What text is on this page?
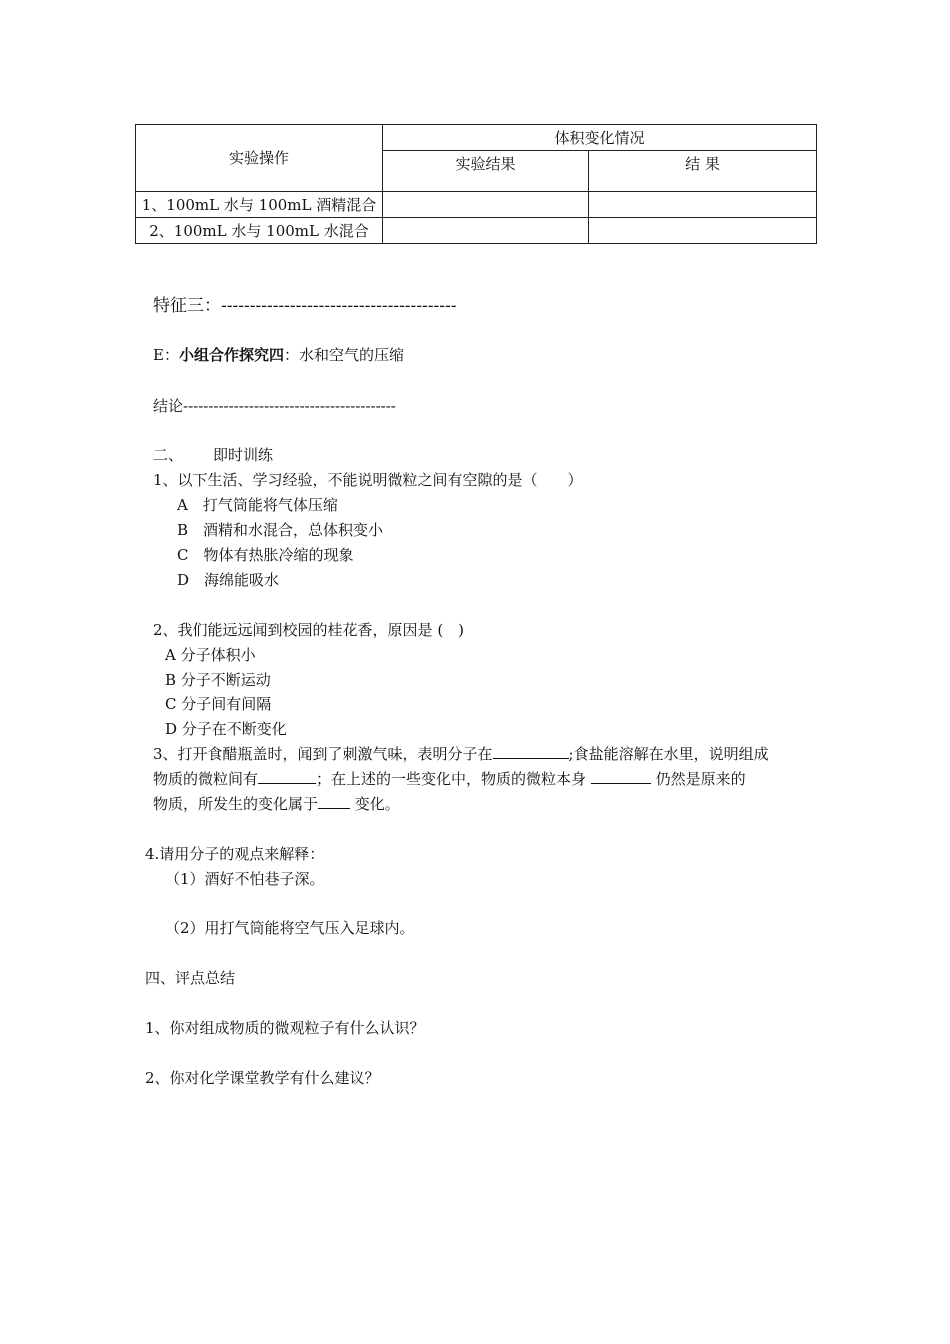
实验操作	体积变化情况	
	实验结果	结 果
1、100mL 水与 100mL 酒精混合		
2、100mL 水与 100mL 水混合		
特征三：-----------------------------------------
E：小组合作探究四：水和空气的压缩
结论------------------------------------------
二、 即时训练
1、以下生活、学习经验，不能说明微粒之间有空隙的是（　　）
A　打气筒能将气体压缩
B　酒精和水混合，总体积变小
C　物体有热胀冷缩的现象
D　海绵能吸水
2、我们能远远闻到校园的桂花香，原因是 (　)
A 分子体积小
B 分子不断运动
C 分子间有间隔
D 分子在不断变化
3、打开食醋瓶盖时，闻到了刺激气味，表明分子在	;食盐能溶解在水里，说明组成
物质的微粒间有	；在上述的一些变化中，物质的微粒本身	仍然是原来的
物质，所发生的变化属于 变化。
4.请用分子的观点来解释：
（1）酒好不怕巷子深。
（2）用打气筒能将空气压入足球内。
四、评点总结
1、你对组成物质的微观粒子有什么认识？
2、你对化学课堂教学有什么建议？
